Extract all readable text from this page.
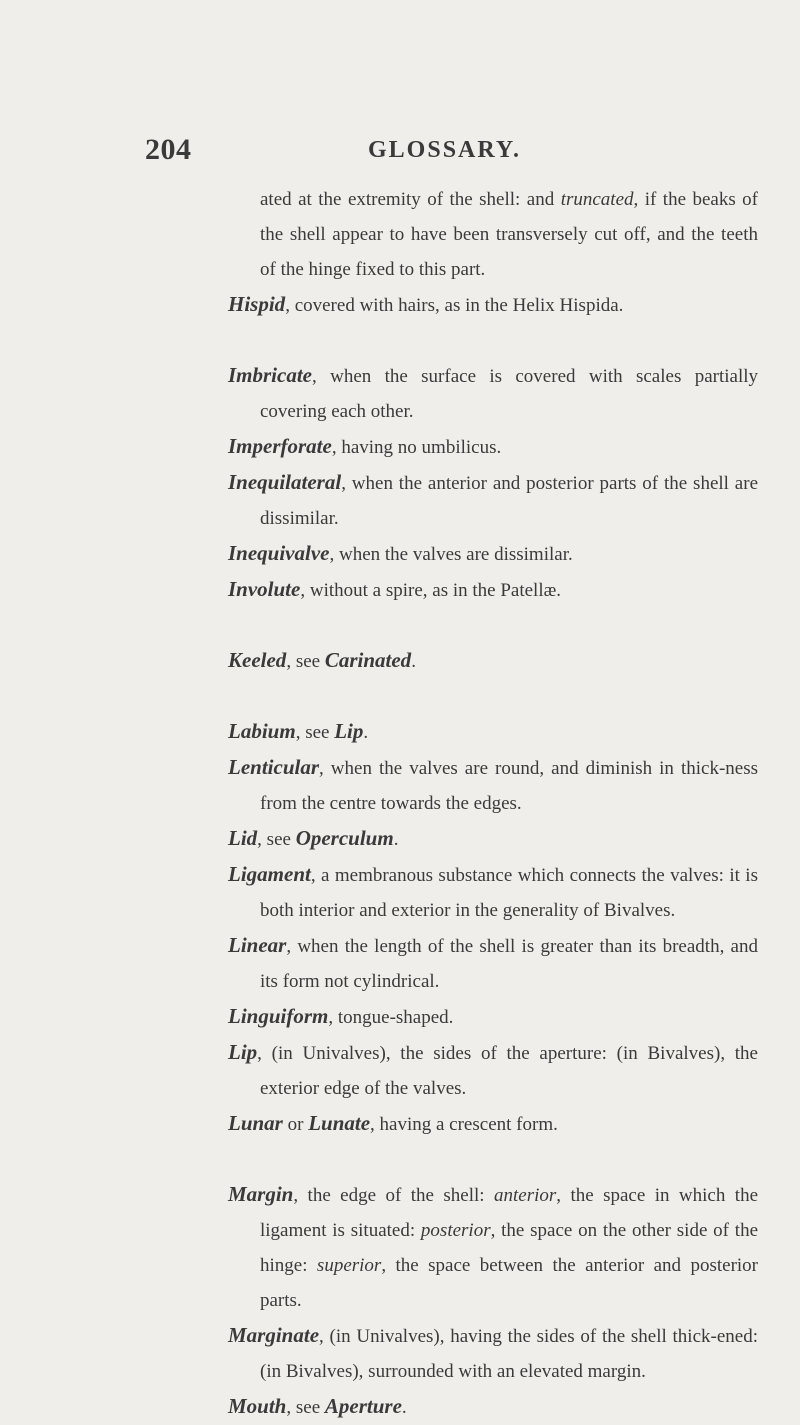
204	GLOSSARY.

ated at the extremity of the shell: and truncated, if the beaks of the shell appear to have been transversely cut off, and the teeth of the hinge fixed to this part.

Hispid, covered with hairs, as in the Helix Hispida.

Imbricate, when the surface is covered with scales partially covering each other.

Imperforate, having no umbilicus.

Inequilateral, when the anterior and posterior parts of the shell are dissimilar.

Inequivalve, when the valves are dissimilar.

Involute, without a spire, as in the Patellæ.

Keeled, see Carinated.

Labium, see Lip.

Lenticular, when the valves are round, and diminish in thick-ness from the centre towards the edges.

Lid, see Operculum.

Ligament, a membranous substance which connects the valves: it is both interior and exterior in the generality of Bivalves.

Linear, when the length of the shell is greater than its breadth, and its form not cylindrical.

Linguiform, tongue-shaped.

Lip, (in Univalves), the sides of the aperture: (in Bivalves), the exterior edge of the valves.

Lunar or Lunate, having a crescent form.

Margin, the edge of the shell: anterior, the space in which the ligament is situated: posterior, the space on the other side of the hinge: superior, the space between the anterior and posterior parts.

Marginate, (in Univalves), having the sides of the shell thick-ened: (in Bivalves), surrounded with an elevated margin.

Mouth, see Aperture.
